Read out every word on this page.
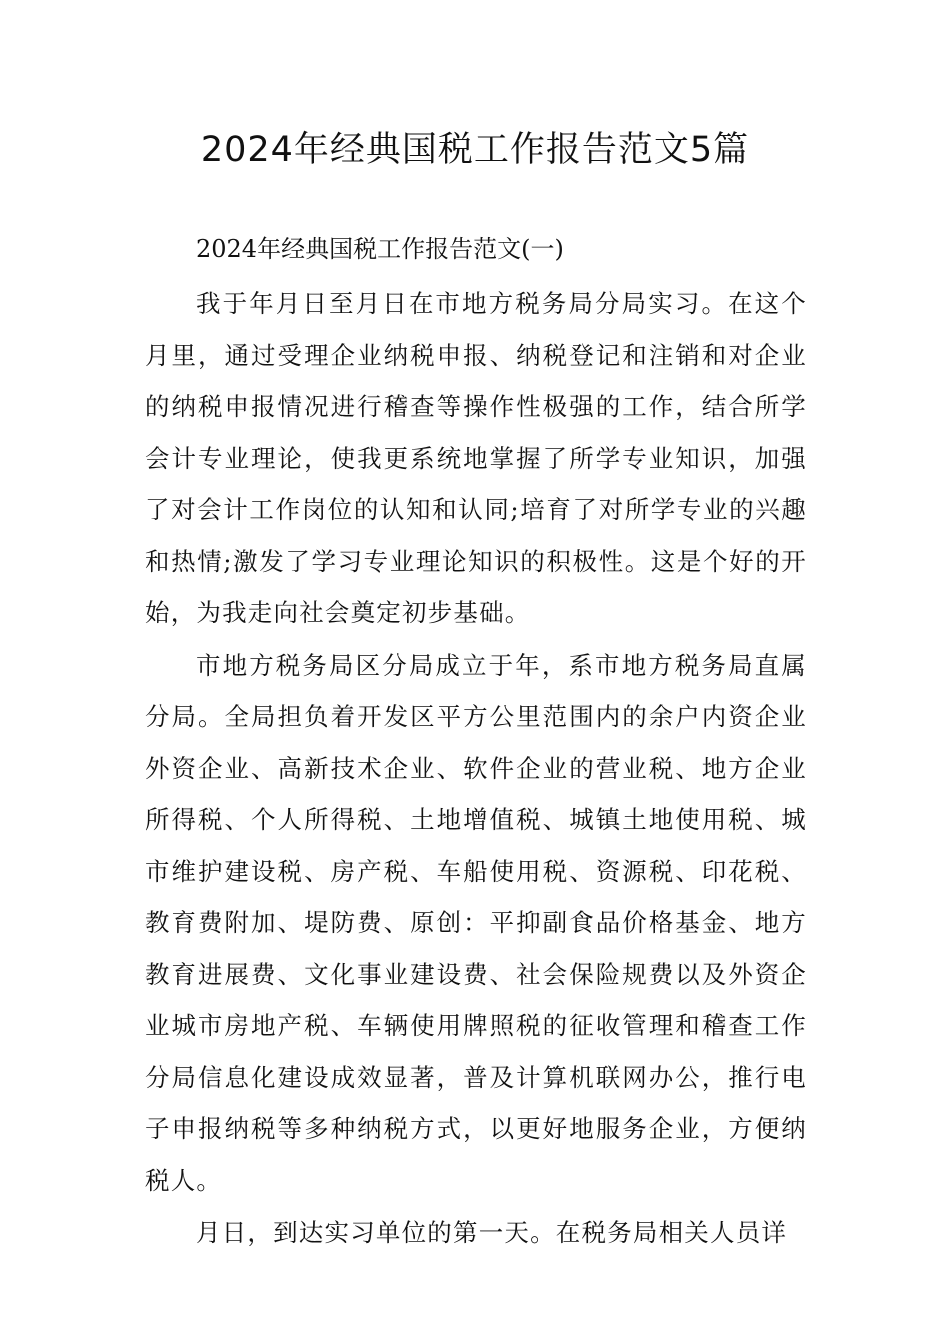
2024年经典国税工作报告范文5篇

2024年经典国税工作报告范文(一)

我于年月日至月日在市地方税务局分局实习。在这个月里，通过受理企业纳税申报、纳税登记和注销和对企业的纳税申报情况进行稽查等操作性极强的工作，结合所学会计专业理论，使我更系统地掌握了所学专业知识，加强了对会计工作岗位的认知和认同;培育了对所学专业的兴趣和热情;激发了学习专业理论知识的积极性。这是个好的开始，为我走向社会奠定初步基础。

市地方税务局区分局成立于年，系市地方税务局直属分局。全局担负着开发区平方公里范围内的余户内资企业外资企业、高新技术企业、软件企业的营业税、地方企业所得税、个人所得税、土地增值税、城镇土地使用税、城市维护建设税、房产税、车船使用税、资源税、印花税、教育费附加、堤防费、原创：平抑副食品价格基金、地方教育进展费、文化事业建设费、社会保险规费以及外资企业城市房地产税、车辆使用牌照税的征收管理和稽查工作分局信息化建设成效显著，普及计算机联网办公，推行电子申报纳税等多种纳税方式，以更好地服务企业，方便纳税人。

月日，到达实习单位的第一天。在税务局相关人员详
